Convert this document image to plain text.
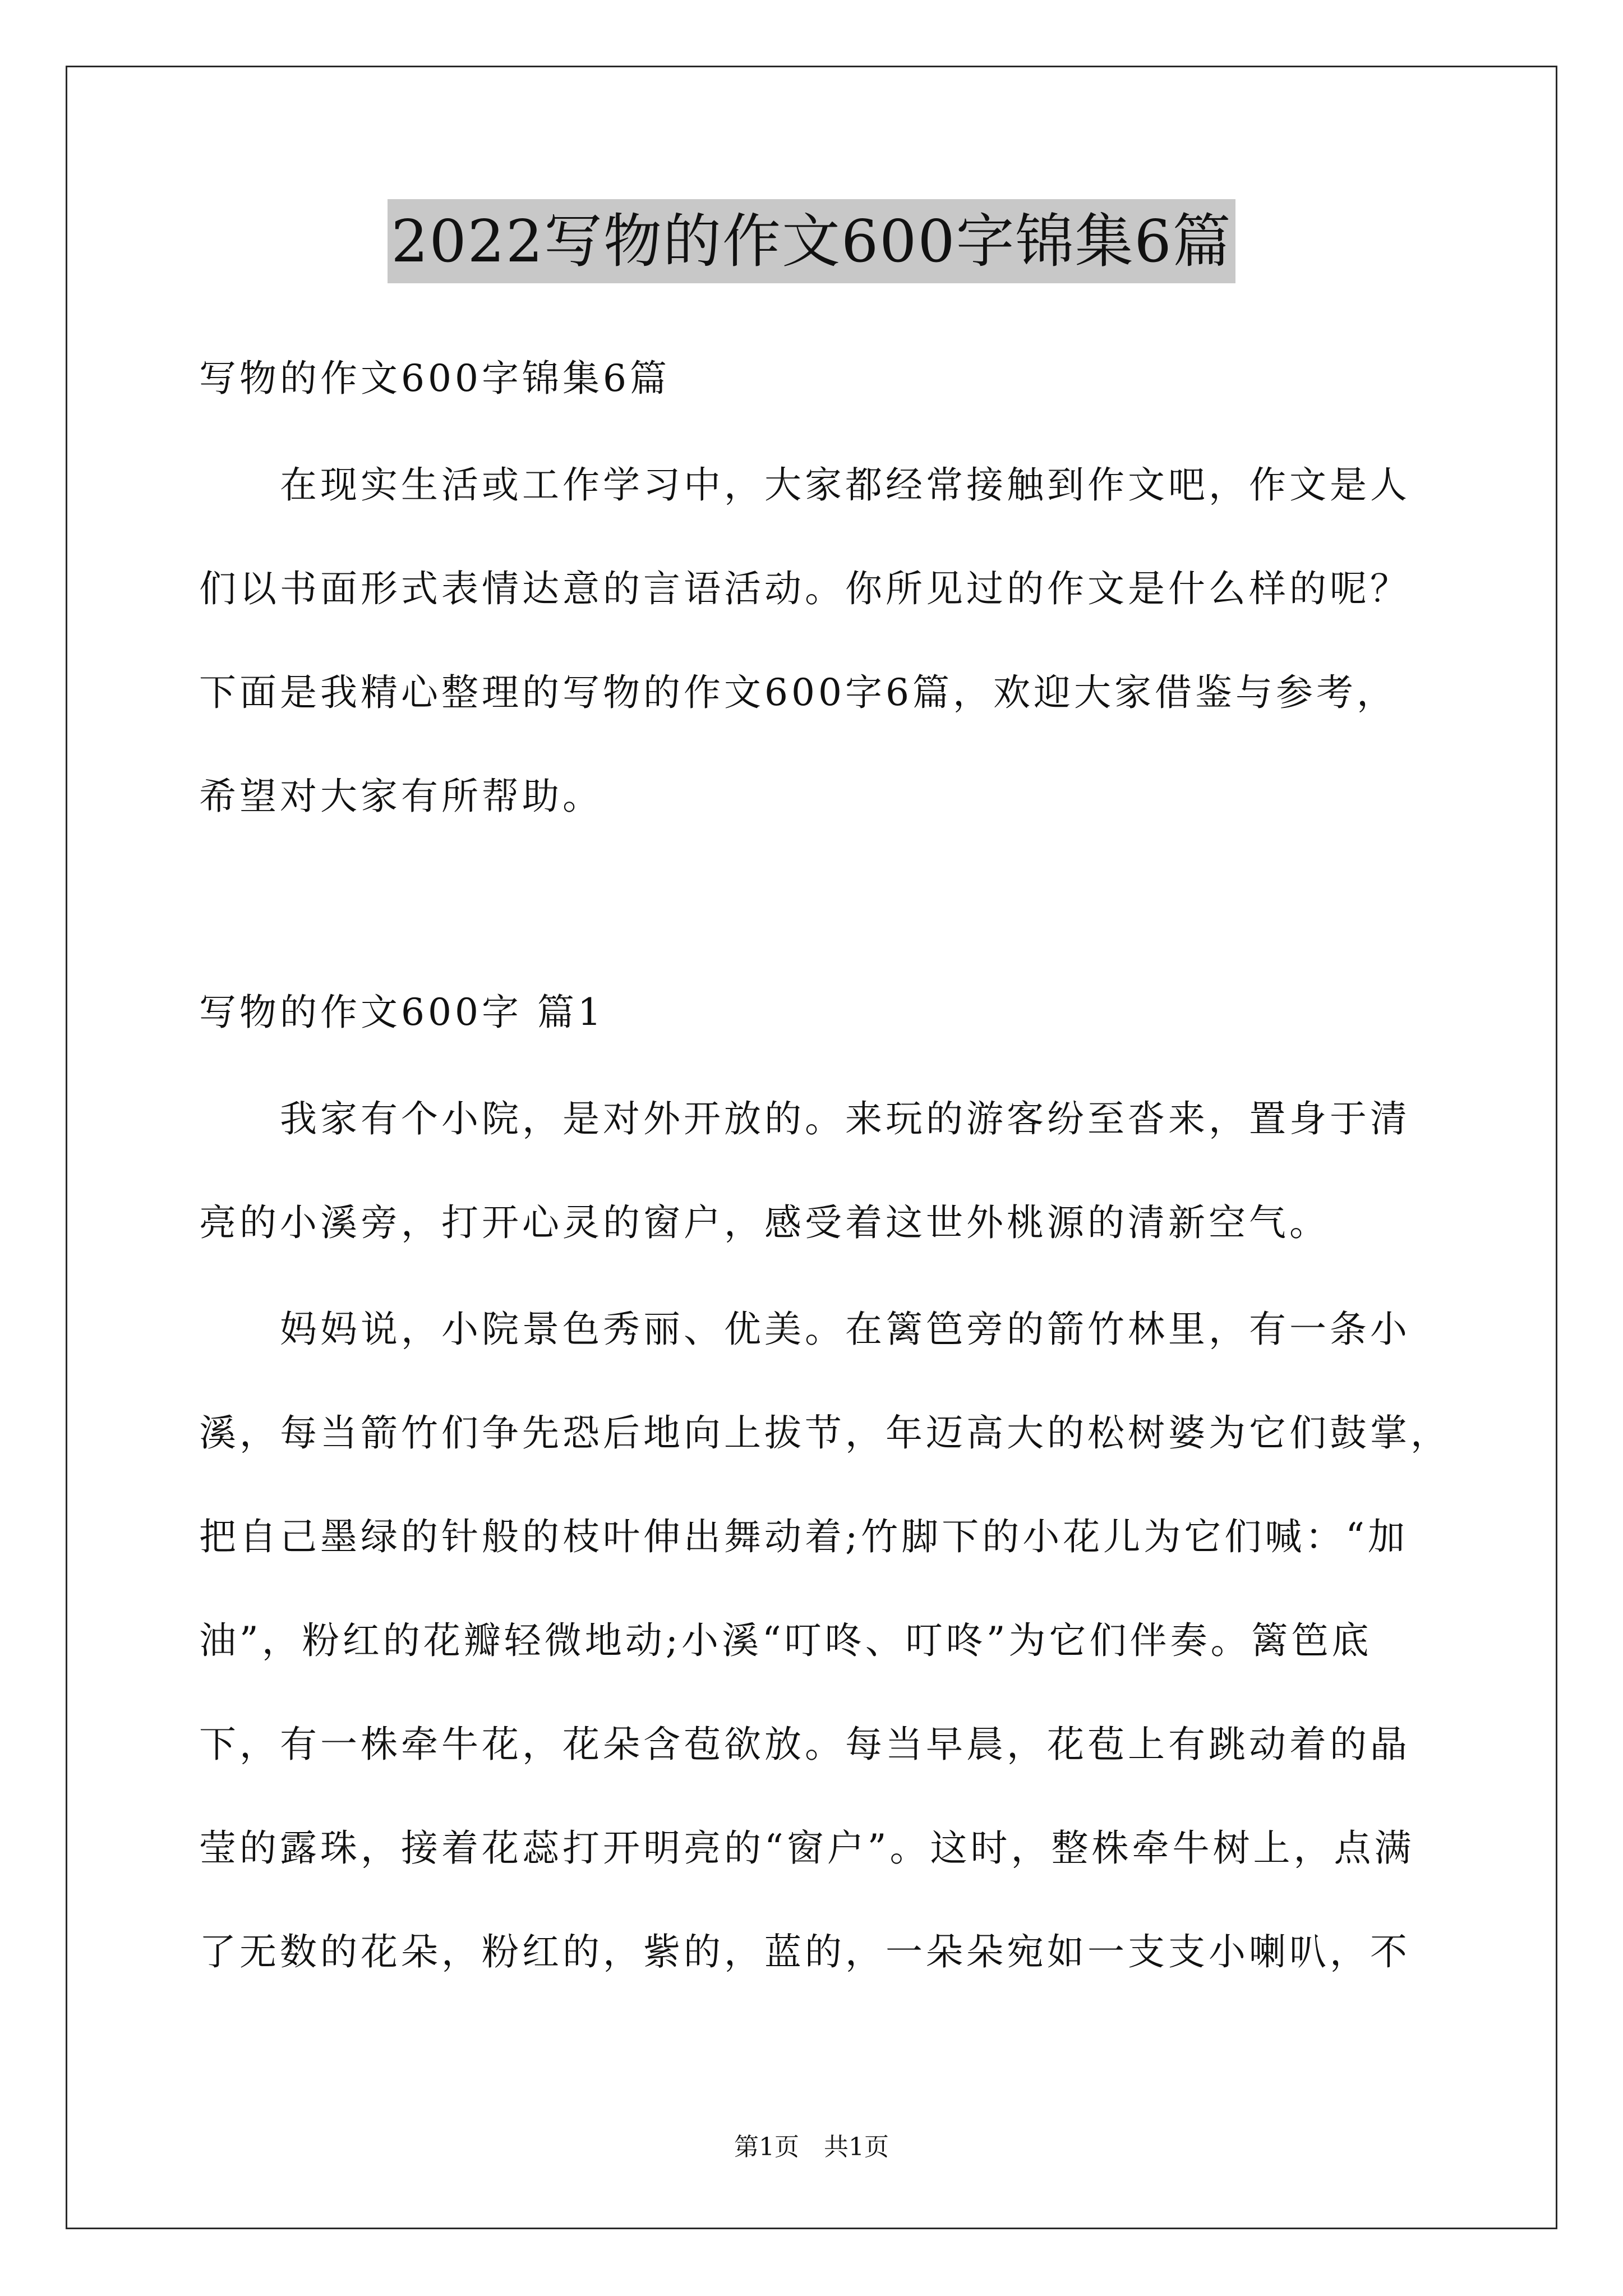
2022写物的作文600字锦集6篇
写物的作文600字锦集6篇
　　在现实生活或工作学习中，大家都经常接触到作文吧，作文是人
们以书面形式表情达意的言语活动。你所见过的作文是什么样的呢？
下面是我精心整理的写物的作文600字6篇，欢迎大家借鉴与参考，
希望对大家有所帮助。
写物的作文600字 篇1
　　我家有个小院，是对外开放的。来玩的游客纷至沓来，置身于清
亮的小溪旁，打开心灵的窗户，感受着这世外桃源的清新空气。
　　妈妈说，小院景色秀丽、优美。在篱笆旁的箭竹林里，有一条小
溪，每当箭竹们争先恐后地向上拔节，年迈高大的松树婆为它们鼓掌，
把自己墨绿的针般的枝叶伸出舞动着;竹脚下的小花儿为它们喊：“加
油”，粉红的花瓣轻微地动;小溪“叮咚、叮咚”为它们伴奏。篱笆底
下，有一株牵牛花，花朵含苞欲放。每当早晨，花苞上有跳动着的晶
莹的露珠，接着花蕊打开明亮的“窗户”。这时，整株牵牛树上，点满
了无数的花朵，粉红的，紫的，蓝的，一朵朵宛如一支支小喇叭，不
第1页　共1页
